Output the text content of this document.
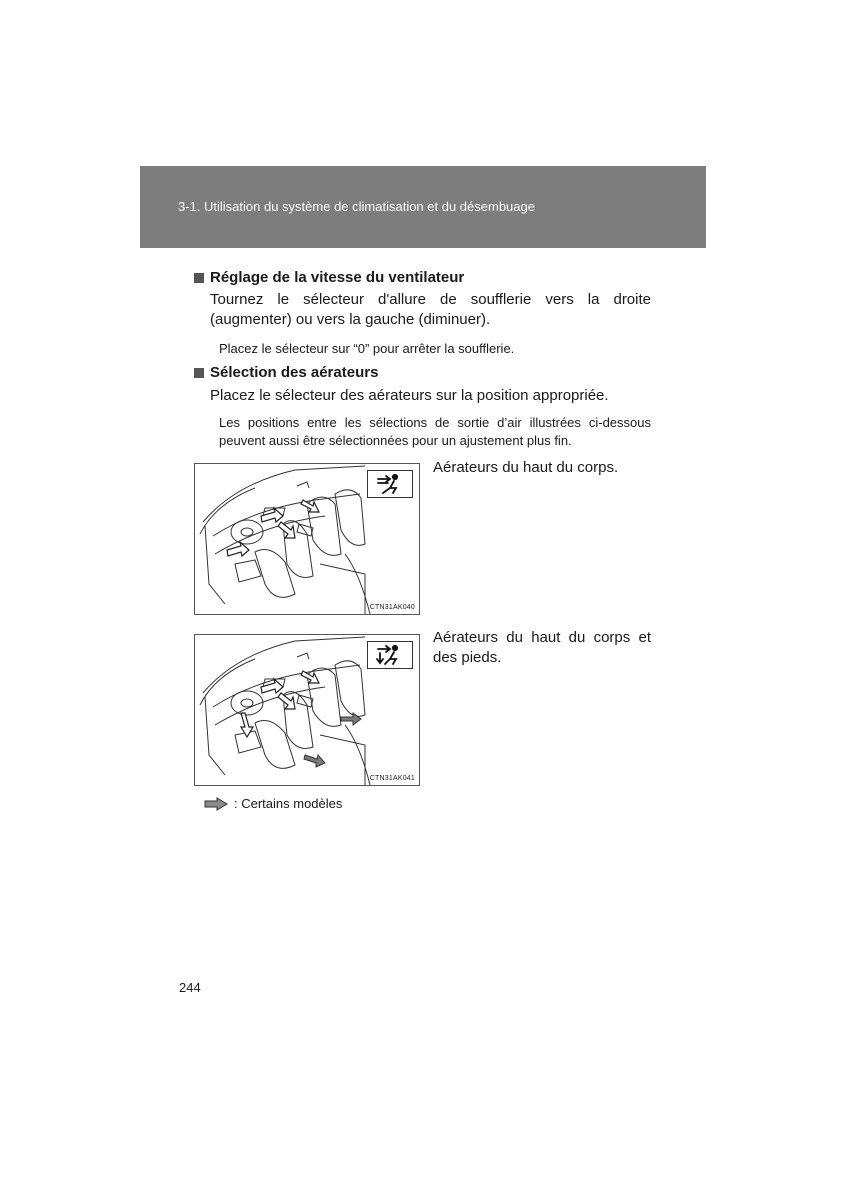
3-1. Utilisation du système de climatisation et du désembuage
Réglage de la vitesse du ventilateur
Tournez le sélecteur d'allure de soufflerie vers la droite (augmenter) ou vers la gauche (diminuer).
Placez le sélecteur sur “0” pour arrêter la soufflerie.
Sélection des aérateurs
Placez le sélecteur des aérateurs sur la position appropriée.
Les positions entre les sélections de sortie d’air illustrées ci-dessous peuvent aussi être sélectionnées pour un ajustement plus fin.
CTN31AK040
Aérateurs du haut du corps.
CTN31AK041
Aérateurs du haut du corps et des pieds.
: Certains modèles
244
